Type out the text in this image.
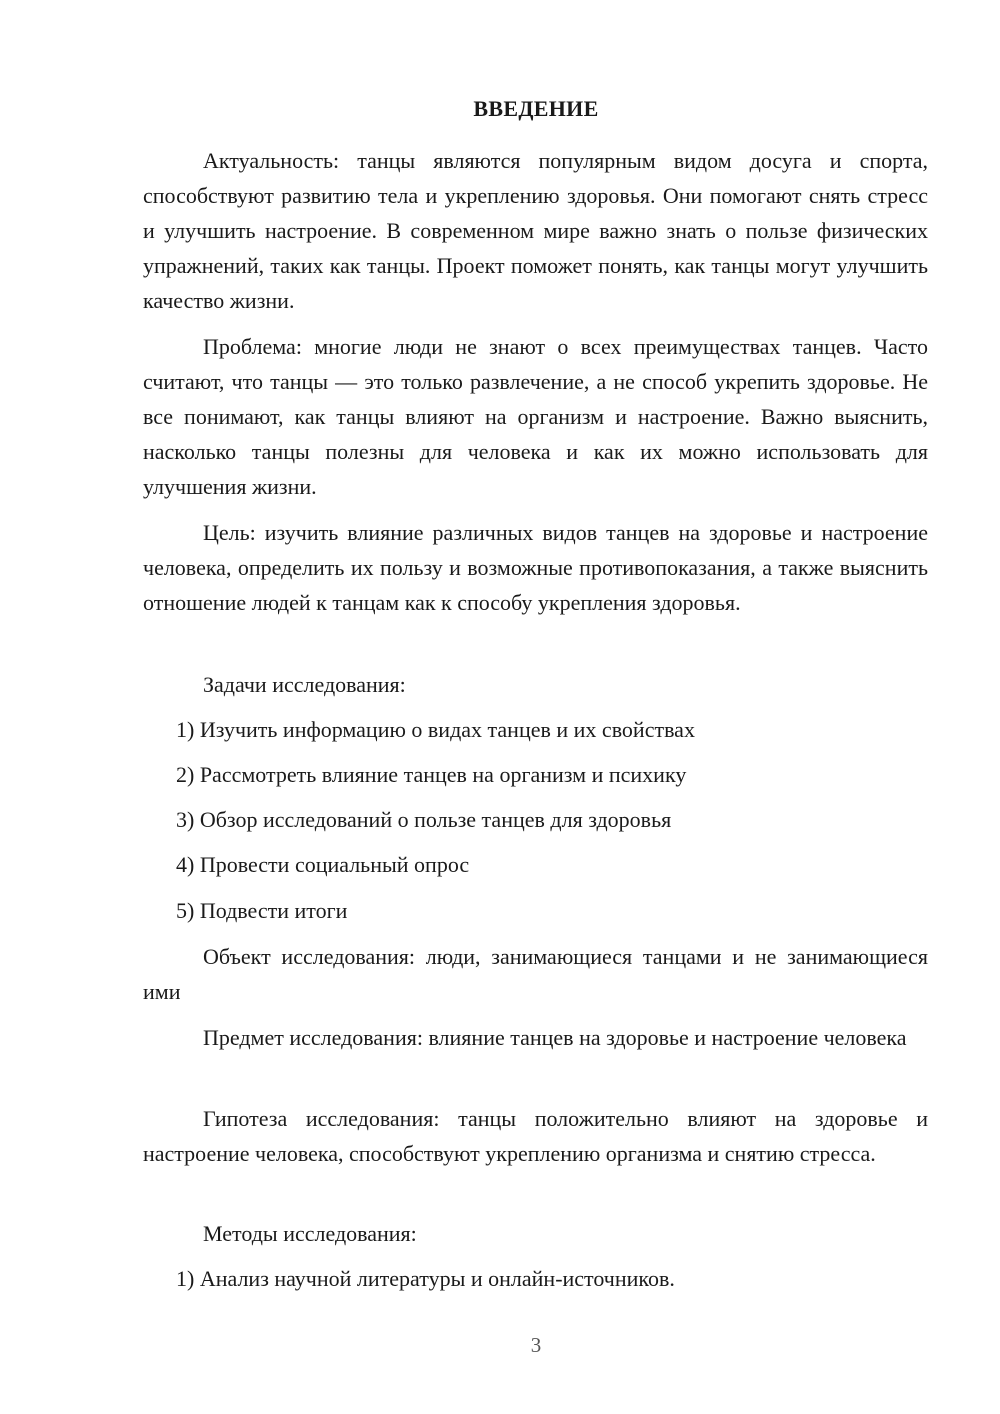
ВВЕДЕНИЕ

Актуальность: танцы являются популярным видом досуга и спорта, способствуют развитию тела и укреплению здоровья. Они помогают снять стресс и улучшить настроение. В современном мире важно знать о пользе физических упражнений, таких как танцы. Проект поможет понять, как танцы могут улучшить качество жизни.

Проблема: многие люди не знают о всех преимуществах танцев. Часто считают, что танцы — это только развлечение, а не способ укрепить здоровье. Не все понимают, как танцы влияют на организм и настроение. Важно выяснить, насколько танцы полезны для человека и как их можно использовать для улучшения жизни.

Цель: изучить влияние различных видов танцев на здоровье и настроение человека, определить их пользу и возможные противопоказания, а также выяснить отношение людей к танцам как к способу укрепления здоровья.

Задачи исследования:

1) Изучить информацию о видах танцев и их свойствах
2) Рассмотреть влияние танцев на организм и психику
3) Обзор исследований о пользе танцев для здоровья
4) Провести социальный опрос
5) Подвести итоги

Объект исследования: люди, занимающиеся танцами и не занимающиеся ими

Предмет исследования: влияние танцев на здоровье и настроение человека

Гипотеза исследования: танцы положительно влияют на здоровье и настроение человека, способствуют укреплению организма и снятию стресса.

Методы исследования:

1) Анализ научной литературы и онлайн-источников.
3
